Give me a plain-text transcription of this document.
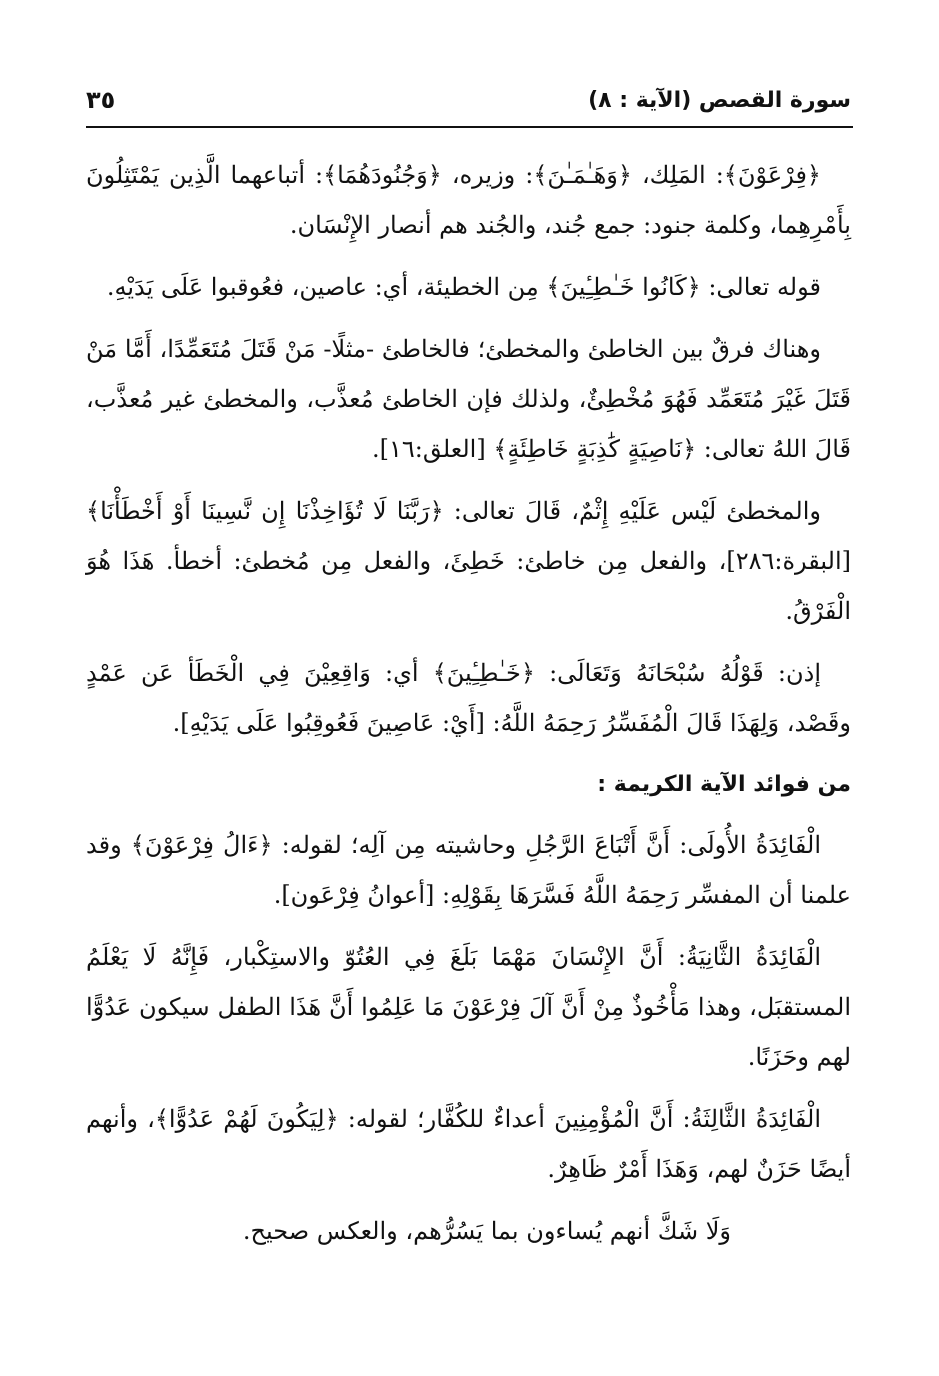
سورة القصص (الآية : ٨)
٣٥

﴿فِرْعَوْنَ﴾: المَلِك، ﴿وَهَـٰمَـٰنَ﴾: وزيره، ﴿وَجُنُودَهُمَا﴾: أتباعهما الَّذِين يَمْتَثِلُونَ بِأَمْرِهِما، وكلمة جنود: جمع جُند، والجُند هم أنصار الإِنْسَان.

قوله تعالى: ﴿كَانُوا خَـٰطِـِٔينَ﴾ مِن الخطيئة، أي: عاصين، فعُوقبوا عَلَى يَدَيْهِ.

وهناك فرقٌ بين الخاطئ والمخطئ؛ فالخاطئ -مثلًا- مَنْ قَتَلَ مُتَعَمِّدًا، أَمَّا مَنْ قَتَلَ غَيْرَ مُتَعَمِّد فَهُوَ مُخْطِئٌ، ولذلك فإن الخاطئ مُعذَّب، والمخطئ غير مُعذَّب، قَالَ اللهُ تعالى: ﴿نَاصِيَةٍ كَٰذِبَةٍ خَاطِئَةٍ﴾ [العلق:١٦].

والمخطئ لَيْس عَلَيْهِ إِثْمٌ، قَالَ تعالى: ﴿رَبَّنَا لَا تُؤَاخِذْنَا إِن نَّسِينَا أَوْ أَخْطَأْنَا﴾ [البقرة:٢٨٦]، والفعل مِن خاطئ: خَطِئَ، والفعل مِن مُخطئ: أخطأ. هَذَا هُوَ الْفَرْقُ.

إذن: قَوْلُهُ سُبْحَانَهُ وَتَعَالَى: ﴿خَـٰطِـِٔينَ﴾ أي: وَاقِعِيْنَ فِي الْخَطَأ عَن عَمْدٍ وقَصْد، وَلِهَذَا قَالَ الْمُفَسِّرُ رَحِمَهُ اللَّهُ: [أَيْ: عَاصِينَ فَعُوقِبُوا عَلَى يَدَيْهِ].

من فوائد الآية الكريمة :

الْفَائِدَةُ الأُولَى: أَنَّ أَتْبَاعَ الرَّجُلِ وحاشيته مِن آلِه؛ لقوله: ﴿ءَالُ فِرْعَوْنَ﴾ وقد علمنا أن المفسِّر رَحِمَهُ اللَّهُ فَسَّرَهَا بِقَوْلِهِ: [أعوانُ فِرْعَون].

الْفَائِدَةُ الثَّانِيَةُ: أَنَّ الإِنْسَانَ مَهْمَا بَلَغَ فِي العُتُوّ والاستِكْبار، فَإِنَّهُ لَا يَعْلَمُ المستقبَل، وهذا مَأْخُوذٌ مِنْ أَنَّ آلَ فِرْعَوْنَ مَا عَلِمُوا أَنَّ هَذَا الطفل سيكون عَدُوًّا لهم وحَزَنًا.

الْفَائِدَةُ الثَّالِثَةُ: أَنَّ الْمُؤْمِنِينَ أعداءٌ للكُفَّار؛ لقوله: ﴿لِيَكُونَ لَهُمْ عَدُوًّا﴾، وأنهم أيضًا حَزَنٌ لهم، وَهَذَا أَمْرٌ ظَاهِرٌ.

وَلَا شَكَّ أنهم يُساءون بما يَسُرُّهم، والعكس صحيح.
